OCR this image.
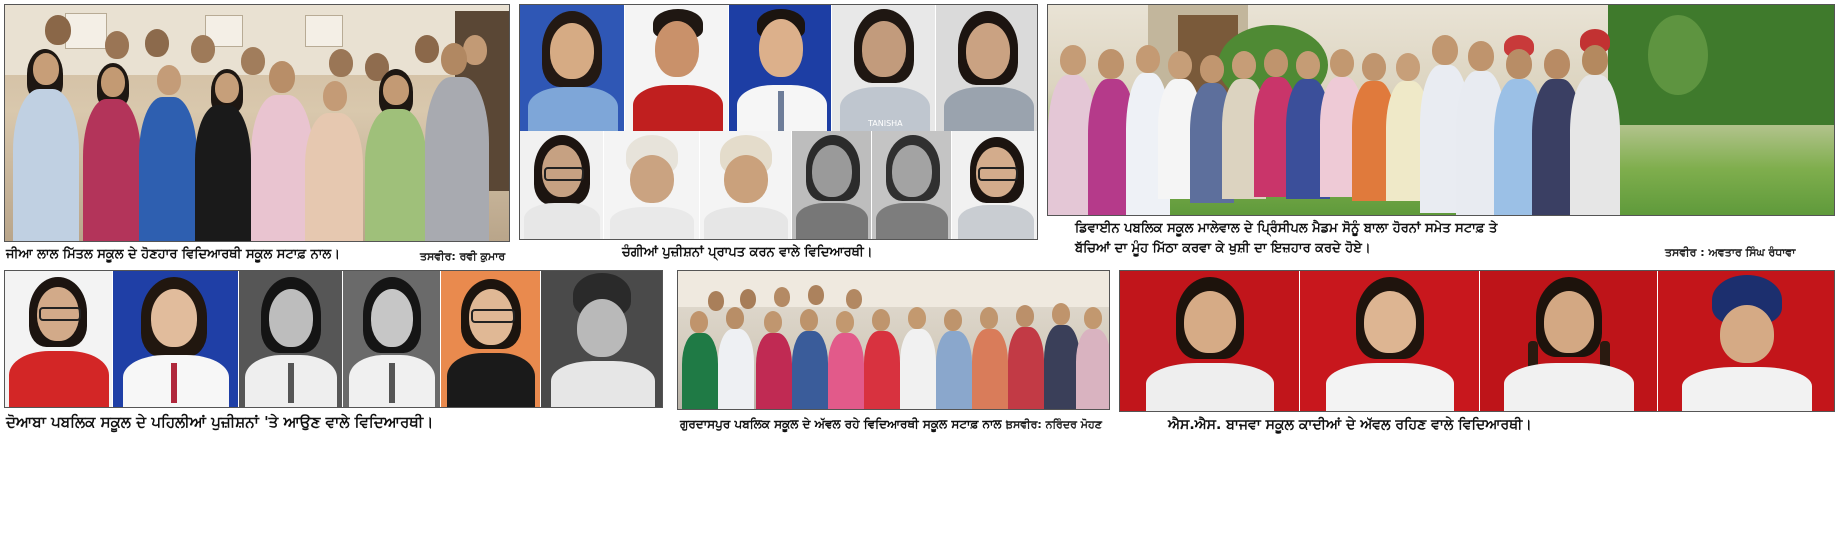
ਜੀਆ ਲਾਲ ਮਿੱਤਲ ਸਕੂਲ ਦੇ ਹੋਣਹਾਰ ਵਿਦਿਆਰਥੀ ਸਕੂਲ ਸਟਾਫ਼ ਨਾਲ।	ਤਸਵੀਰ: ਰਵੀ ਕੁਮਾਰ
TANISHA
ਚੰਗੀਆਂ ਪੁਜ਼ੀਸ਼ਨਾਂ ਪ੍ਰਾਪਤ ਕਰਨ ਵਾਲੇ ਵਿਦਿਆਰਥੀ।
ਡਿਵਾਈਨ ਪਬਲਿਕ ਸਕੂਲ ਮਾਲੇਵਾਲ ਦੇ ਪ੍ਰਿੰਸੀਪਲ ਮੈਡਮ ਸੋਨੂੰ ਬਾਲਾ ਹੋਰਨਾਂ ਸਮੇਤ ਸਟਾਫ਼ ਤੇ
ਬੱਚਿਆਂ ਦਾ ਮੂੰਹ ਮਿੱਠਾ ਕਰਵਾ ਕੇ ਖੁਸ਼ੀ ਦਾ ਇਜ਼ਹਾਰ ਕਰਦੇ ਹੋਏ।	ਤਸਵੀਰ : ਅਵਤਾਰ ਸਿੰਘ ਰੰਧਾਵਾ
ਦੋਆਬਾ ਪਬਲਿਕ ਸਕੂਲ ਦੇ ਪਹਿਲੀਆਂ ਪੁਜ਼ੀਸ਼ਨਾਂ 'ਤੇ ਆਉਣ ਵਾਲੇ ਵਿਦਿਆਰਥੀ।	ਗੁਰਦਾਸਪੁਰ ਪਬਲਿਕ ਸਕੂਲ ਦੇ ਅੱਵਲ ਰਹੇ ਵਿਦਿਆਰਥੀ ਸਕੂਲ ਸਟਾਫ਼ ਨਾਲ।
ਤਸਵੀਰ: ਨਰਿੰਦਰ ਮੋਹਣ	ਐਸ.ਐਸ. ਬਾਜਵਾ ਸਕੂਲ ਕਾਦੀਆਂ ਦੇ ਅੱਵਲ ਰਹਿਣ ਵਾਲੇ ਵਿਦਿਆਰਥੀ।
